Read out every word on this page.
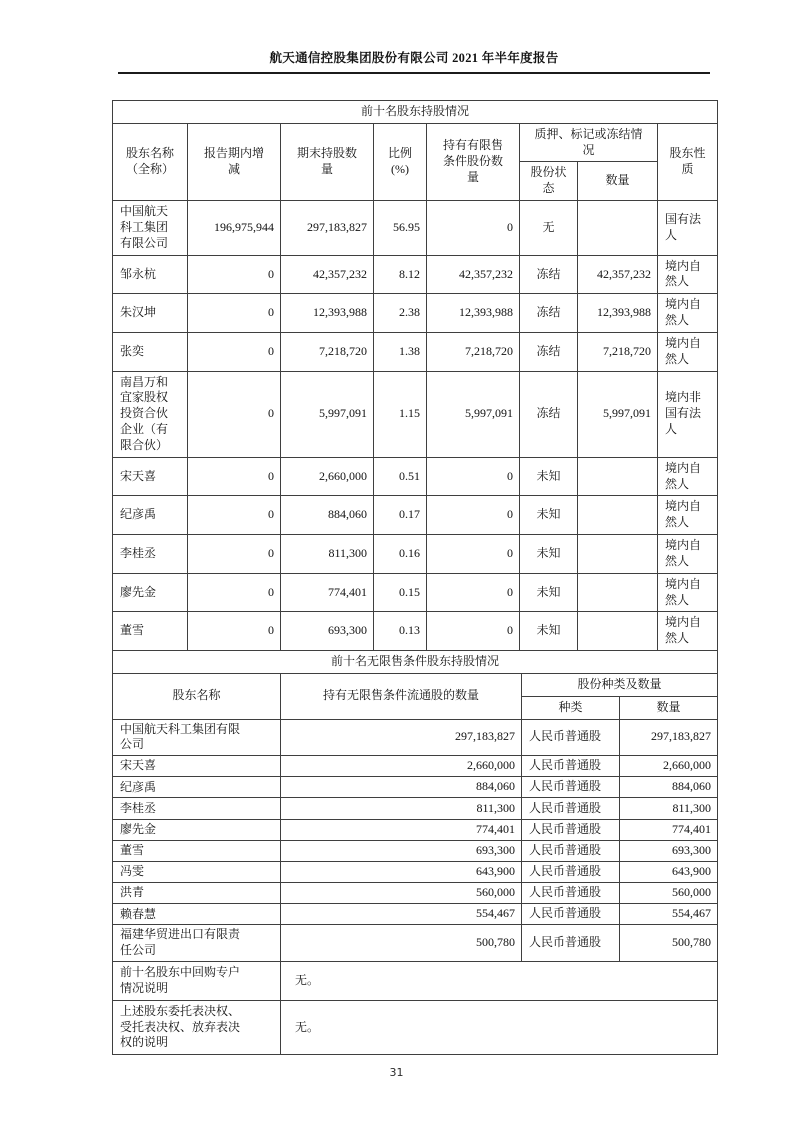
航天通信控股集团股份有限公司 2021 年半年度报告
前十名股东持股情况							
股东名称（全称）	报告期内增减	期末持股数量	比例(%)	持有有限售条件股份数量	质押、标记或冻结情况		股东性质
					股份状态	数量	
中国航天科工集团有限公司	196,975,944	297,183,827	56.95	0	无		国有法人
邹永杭	0	42,357,232	8.12	42,357,232	冻结	42,357,232	境内自然人
朱汉坤	0	12,393,988	2.38	12,393,988	冻结	12,393,988	境内自然人
张奕	0	7,218,720	1.38	7,218,720	冻结	7,218,720	境内自然人
南昌万和宜家股权投资合伙企业（有限合伙）	0	5,997,091	1.15	5,997,091	冻结	5,997,091	境内非国有法人
宋天喜	0	2,660,000	0.51	0	未知		境内自然人
纪彦禹	0	884,060	0.17	0	未知		境内自然人
李桂丞	0	811,300	0.16	0	未知		境内自然人
廖先金	0	774,401	0.15	0	未知		境内自然人
董雪	0	693,300	0.13	0	未知		境内自然人
前十名无限售条件股东持股情况			
股东名称	持有无限售条件流通股的数量	股份种类及数量	
		种类	数量
中国航天科工集团有限公司	297,183,827	人民币普通股	297,183,827
宋天喜	2,660,000	人民币普通股	2,660,000
纪彦禹	884,060	人民币普通股	884,060
李桂丞	811,300	人民币普通股	811,300
廖先金	774,401	人民币普通股	774,401
董雪	693,300	人民币普通股	693,300
冯雯	643,900	人民币普通股	643,900
洪青	560,000	人民币普通股	560,000
赖春慧	554,467	人民币普通股	554,467
福建华贸进出口有限责任公司	500,780	人民币普通股	500,780
前十名股东中回购专户情况说明	无。		
上述股东委托表决权、受托表决权、放弃表决权的说明	无。		
31
